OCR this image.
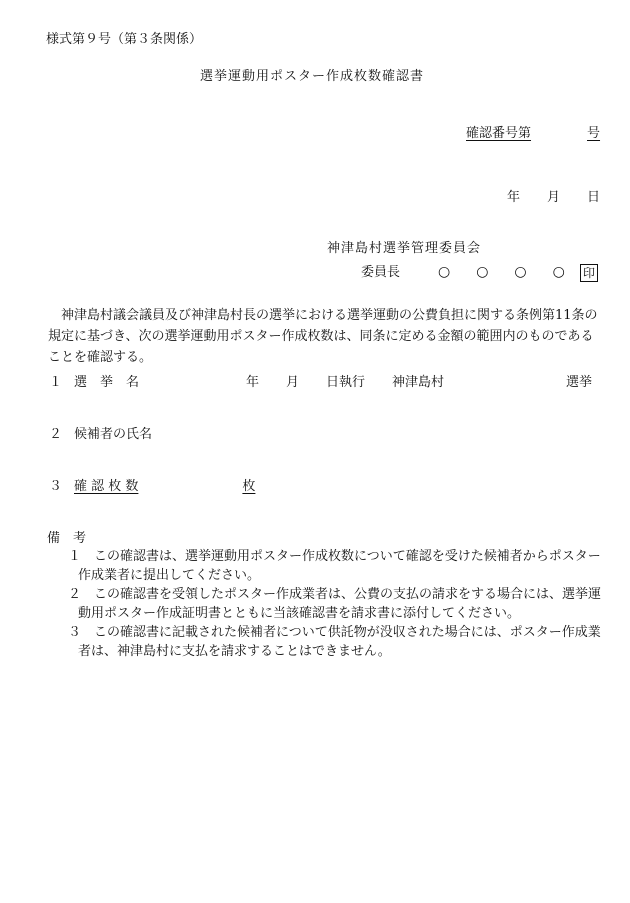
様式第９号（第３条関係）
選挙運動用ポスター作成枚数確認書
確認番号第	号
年 月 日
神津島村選挙管理委員会
委員長	○　○　○　○ 印
神津島村議会議員及び神津島村長の選挙における選挙運動の公費負担に関する条例第11条の規定に基づき、次の選挙運動用ポスター作成枚数は、同条に定める金額の範囲内のものであることを確認する。
１ 選　挙　名	年 月 日執行 神津島村	選挙
２ 候補者の氏名
３ 確 認 枚 数	枚
備　考
１　 この確認書は、選挙運動用ポスター作成枚数について確認を受けた候補者からポスター作成業者に提出してください。
２　 この確認書を受領したポスター作成業者は、公費の支払の請求をする場合には、選挙運動用ポスター作成証明書とともに当該確認書を請求書に添付してください。
３　 この確認書に記載された候補者について供託物が没収された場合には、ポスター作成業者は、神津島村に支払を請求することはできません。
